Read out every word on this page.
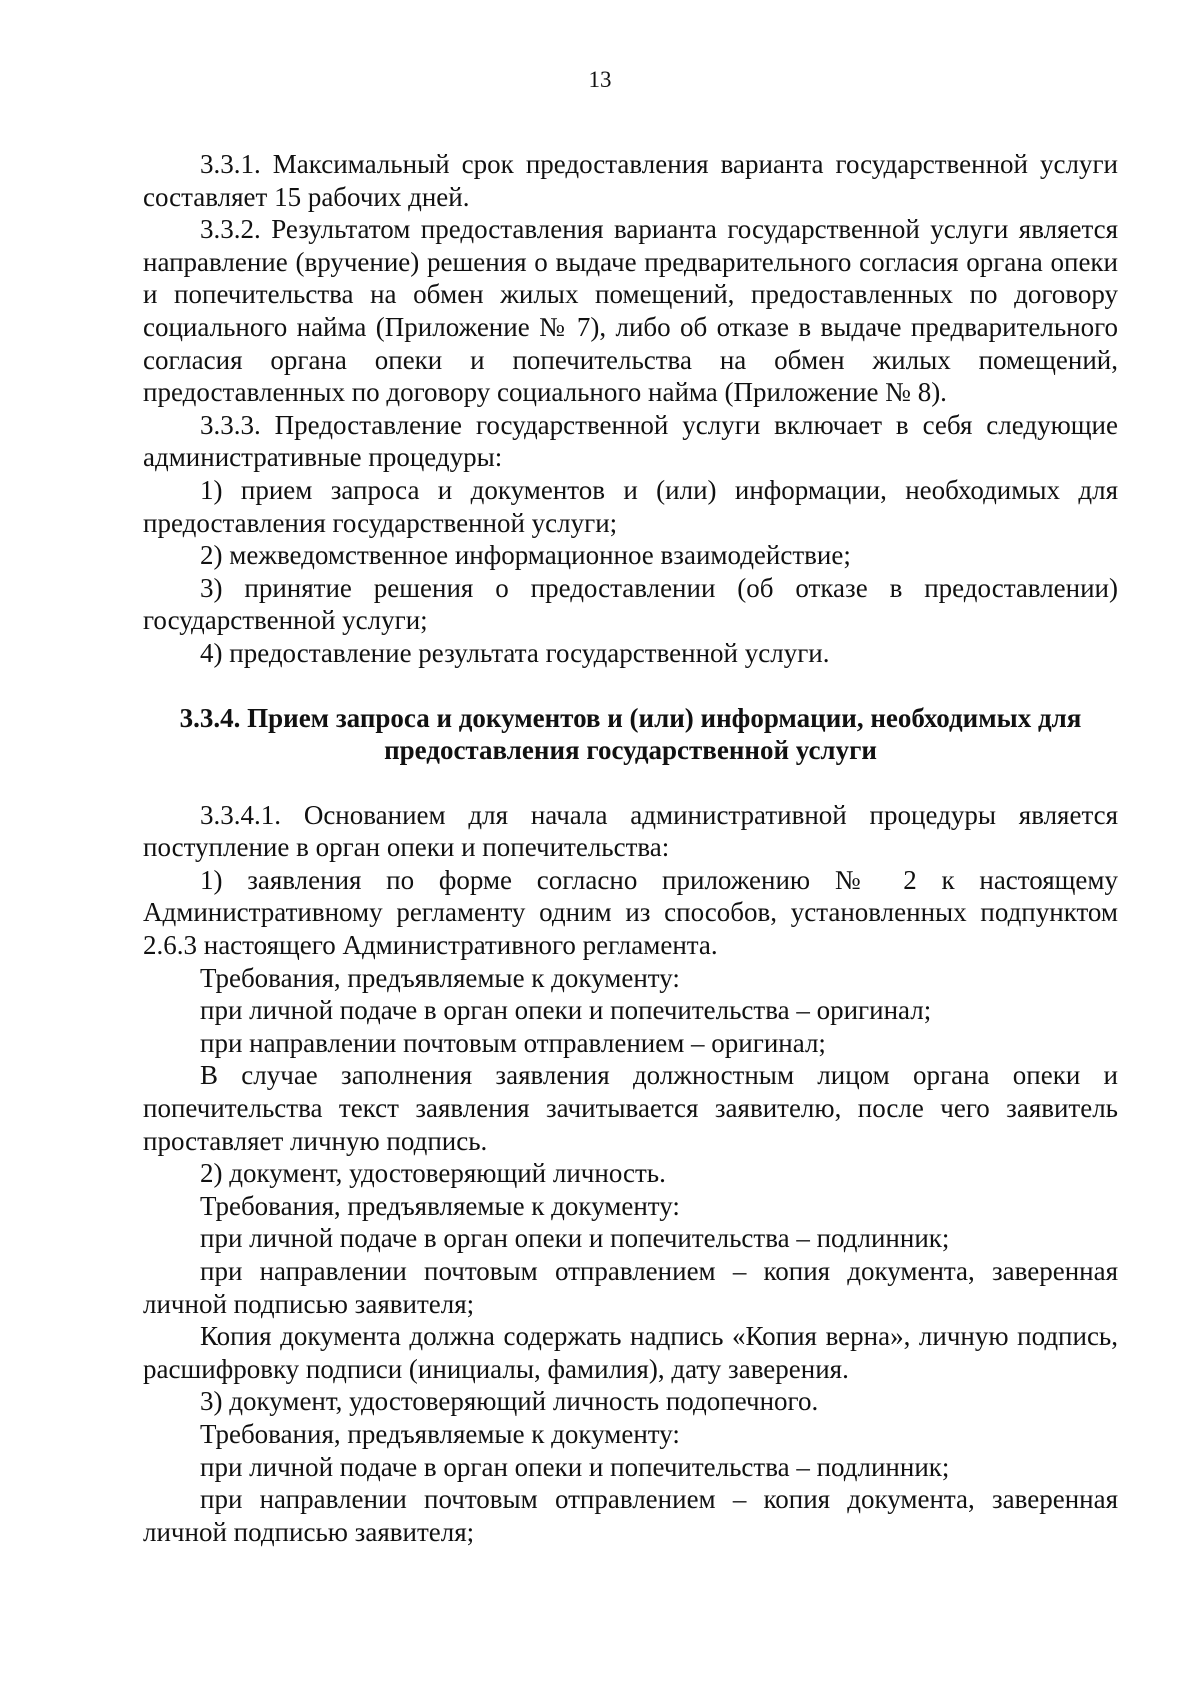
13

3.3.1. Максимальный срок предоставления варианта государственной услуги составляет 15 рабочих дней.

3.3.2. Результатом предоставления варианта государственной услуги является направление (вручение) решения о выдаче предварительного согласия органа опеки и попечительства на обмен жилых помещений, предоставленных по договору социального найма (Приложение № 7), либо об отказе в выдаче предварительного согласия органа опеки и попечительства на обмен жилых помещений, предоставленных по договору социального найма (Приложение № 8).

3.3.3. Предоставление государственной услуги включает в себя следующие административные процедуры:

1) прием запроса и документов и (или) информации, необходимых для предоставления государственной услуги;

2) межведомственное информационное взаимодействие;

3) принятие решения о предоставлении (об отказе в предоставлении) государственной услуги;

4) предоставление результата государственной услуги.

3.3.4. Прием запроса и документов и (или) информации, необходимых для
предоставления государственной услуги

3.3.4.1. Основанием для начала административной процедуры является поступление в орган опеки и попечительства:

1) заявления по форме согласно приложению № 2 к настоящему Административному регламенту одним из способов, установленных подпунктом 2.6.3 настоящего Административного регламента.

Требования, предъявляемые к документу:

при личной подаче в орган опеки и попечительства – оригинал;

при направлении почтовым отправлением – оригинал;

В случае заполнения заявления должностным лицом органа опеки и попечительства текст заявления зачитывается заявителю, после чего заявитель проставляет личную подпись.

2) документ, удостоверяющий личность.

Требования, предъявляемые к документу:

при личной подаче в орган опеки и попечительства – подлинник;

при направлении почтовым отправлением – копия документа, заверенная личной подписью заявителя;

Копия документа должна содержать надпись «Копия верна», личную подпись, расшифровку подписи (инициалы, фамилия), дату заверения.

3) документ, удостоверяющий личность подопечного.

Требования, предъявляемые к документу:

при личной подаче в орган опеки и попечительства – подлинник;

при направлении почтовым отправлением – копия документа, заверенная личной подписью заявителя;
